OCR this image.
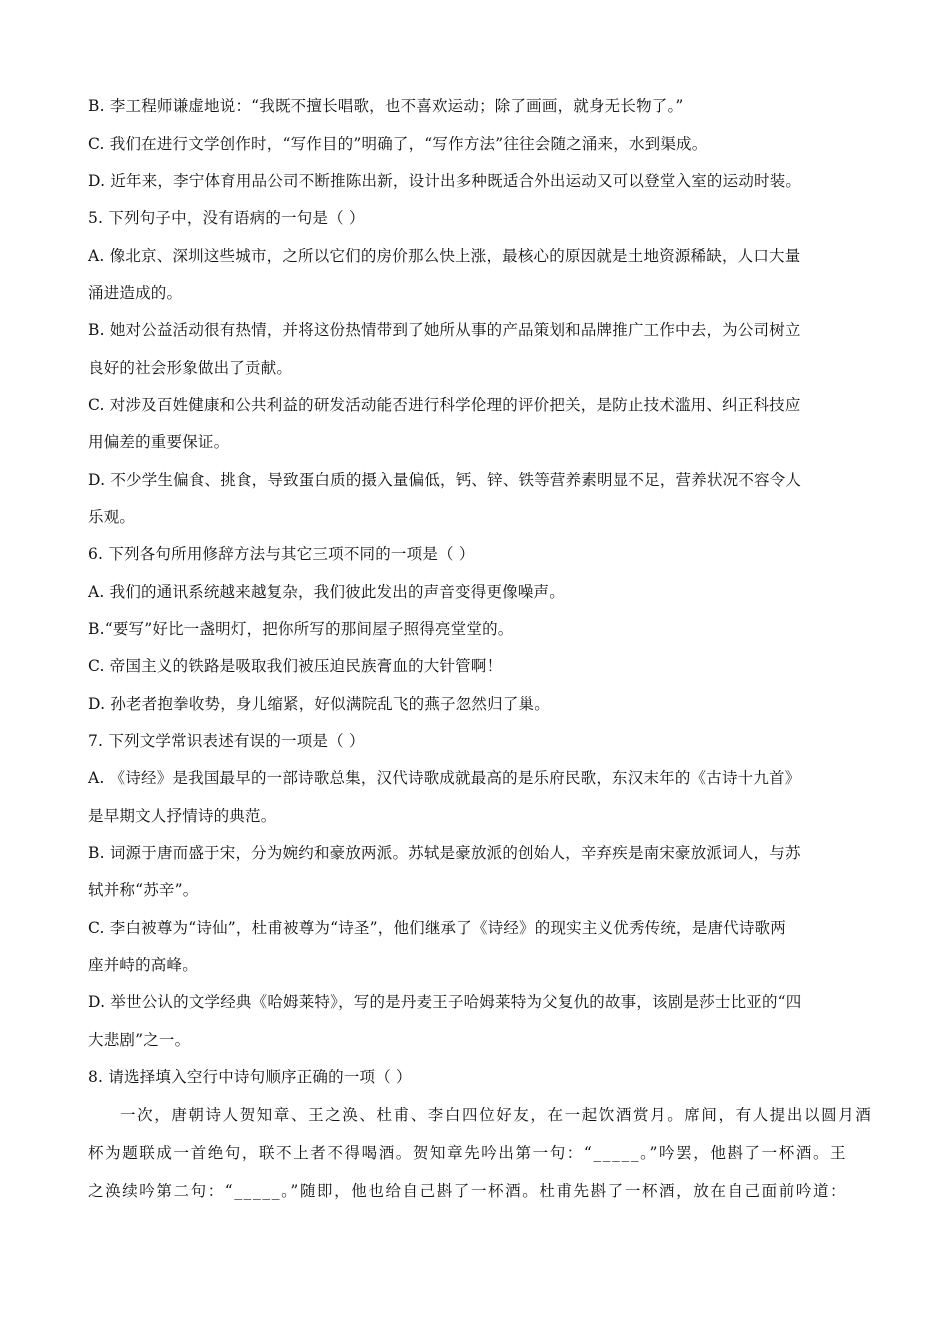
B. 李工程师谦虚地说：“我既不擅长唱歌，也不喜欢运动；除了画画，就身无长物了。”
C. 我们在进行文学创作时，“写作目的”明确了，“写作方法”往往会随之涌来，水到渠成。
D. 近年来，李宁体育用品公司不断推陈出新，设计出多种既适合外出运动又可以登堂入室的运动时装。
5. 下列句子中，没有语病的一句是（ ）
A. 像北京、深圳这些城市，之所以它们的房价那么快上涨，最核心的原因就是土地资源稀缺，人口大量
涌进造成的。
B. 她对公益活动很有热情，并将这份热情带到了她所从事的产品策划和品牌推广工作中去，为公司树立
良好的社会形象做出了贡献。
C. 对涉及百姓健康和公共利益的研发活动能否进行科学伦理的评价把关，是防止技术滥用、纠正科技应
用偏差的重要保证。
D. 不少学生偏食、挑食，导致蛋白质的摄入量偏低，钙、锌、铁等营养素明显不足，营养状况不容令人
乐观。
6. 下列各句所用修辞方法与其它三项不同的一项是（ ）
A. 我们的通讯系统越来越复杂，我们彼此发出的声音变得更像噪声。
B.“要写”好比一盏明灯，把你所写的那间屋子照得亮堂堂的。
C. 帝国主义的铁路是吸取我们被压迫民族膏血的大针管啊！
D. 孙老者抱拳收势，身儿缩紧，好似满院乱飞的燕子忽然归了巢。
7. 下列文学常识表述有误的一项是（ ）
A. 《诗经》是我国最早的一部诗歌总集，汉代诗歌成就最高的是乐府民歌，东汉末年的《古诗十九首》
是早期文人抒情诗的典范。
B. 词源于唐而盛于宋，分为婉约和豪放两派。苏轼是豪放派的创始人，辛弃疾是南宋豪放派词人，与苏
轼并称“苏辛”。
C. 李白被尊为“诗仙”，杜甫被尊为“诗圣”，他们继承了《诗经》的现实主义优秀传统，是唐代诗歌两
座并峙的高峰。
D. 举世公认的文学经典《哈姆莱特》，写的是丹麦王子哈姆莱特为父复仇的故事，该剧是莎士比亚的“四
大悲剧”之一。
8. 请选择填入空行中诗句顺序正确的一项（ ）
一次，唐朝诗人贺知章、王之涣、杜甫、李白四位好友，在一起饮酒赏月。席间，有人提出以圆月酒
杯为题联成一首绝句，联不上者不得喝酒。贺知章先吟出第一句：“_____。”吟罢，他斟了一杯酒。王
之涣续吟第二句：“_____。”随即，他也给自己斟了一杯酒。杜甫先斟了一杯酒，放在自己面前吟道：
